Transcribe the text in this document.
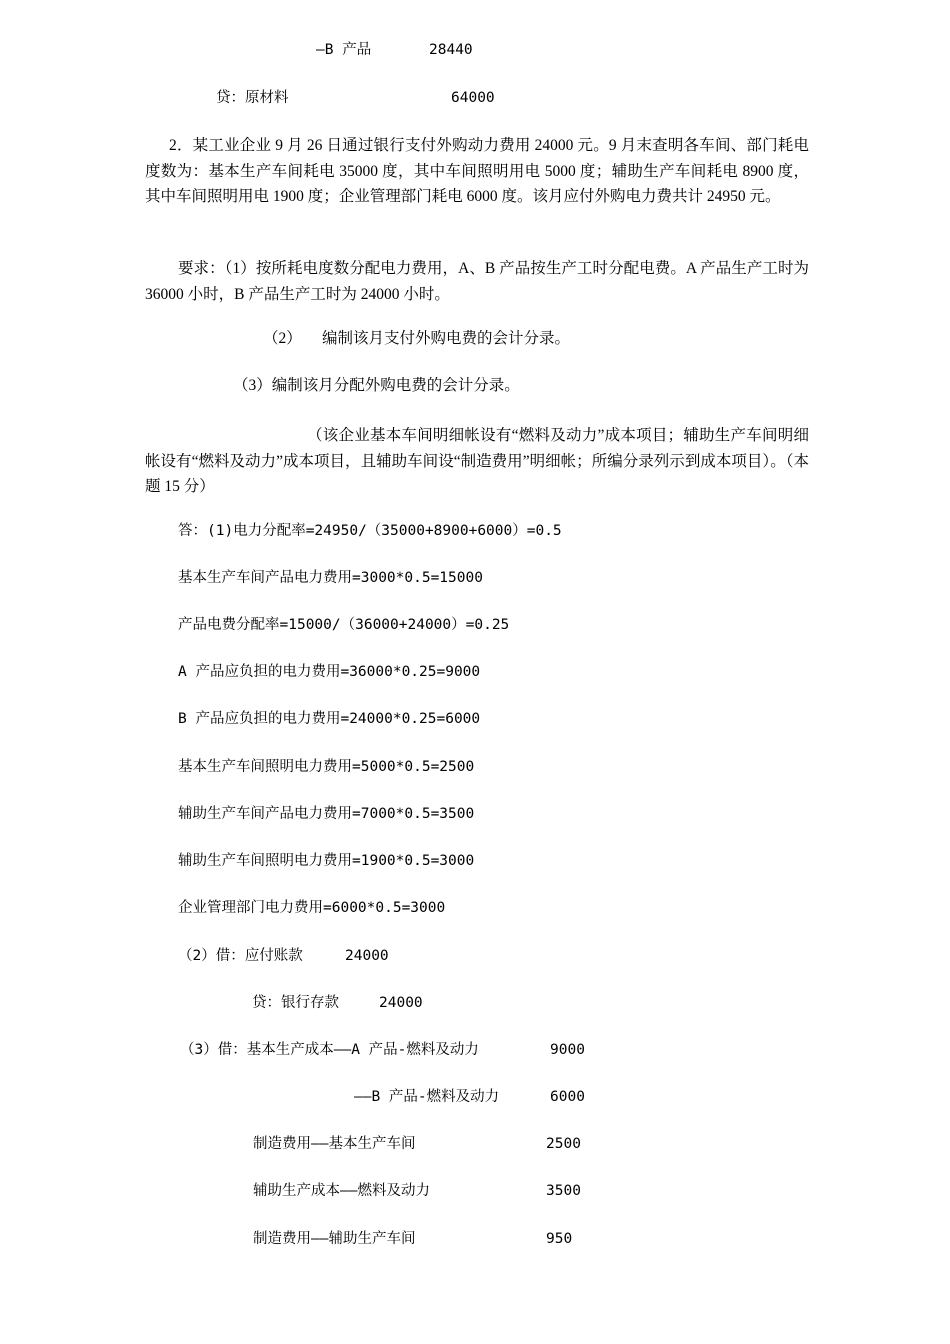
—B 产品	28440
贷：原材料	64000
2．某工业企业 9 月 26 日通过银行支付外购动力费用 24000 元。9 月末查明各车间、部门耗电度数为：基本生产车间耗电 35000 度，其中车间照明用电 5000 度；辅助生产车间耗电 8900 度，其中车间照明用电 1900 度；企业管理部门耗电 6000 度。该月应付外购电力费共计 24950 元。
要求：（1）按所耗电度数分配电力费用，A、B 产品按生产工时分配电费。A 产品生产工时为 36000 小时，B 产品生产工时为 24000 小时。
（2） 编制该月支付外购电费的会计分录。
（3）编制该月分配外购电费的会计分录。
（该企业基本车间明细帐设有“燃料及动力”成本项目；辅助生产车间明细帐设有“燃料及动力”成本项目，且辅助车间设“制造费用”明细帐；所编分录列示到成本项目）。（本题 15 分）
答：(1)电力分配率=24950/（35000+8900+6000）=0.5
基本生产车间产品电力费用=3000*0.5=15000
产品电费分配率=15000/（36000+24000）=0.25
A 产品应负担的电力费用=36000*0.25=9000
B 产品应负担的电力费用=24000*0.25=6000
基本生产车间照明电力费用=5000*0.5=2500
辅助生产车间产品电力费用=7000*0.5=3500
辅助生产车间照明电力费用=1900*0.5=3000
企业管理部门电力费用=6000*0.5=3000
（2）借：应付账款	24000
贷：银行存款	24000
（3）借：基本生产成本——A 产品-燃料及动力	9000
——B 产品-燃料及动力	6000
制造费用——基本生产车间	2500
辅助生产成本——燃料及动力	3500
制造费用——辅助生产车间	950
